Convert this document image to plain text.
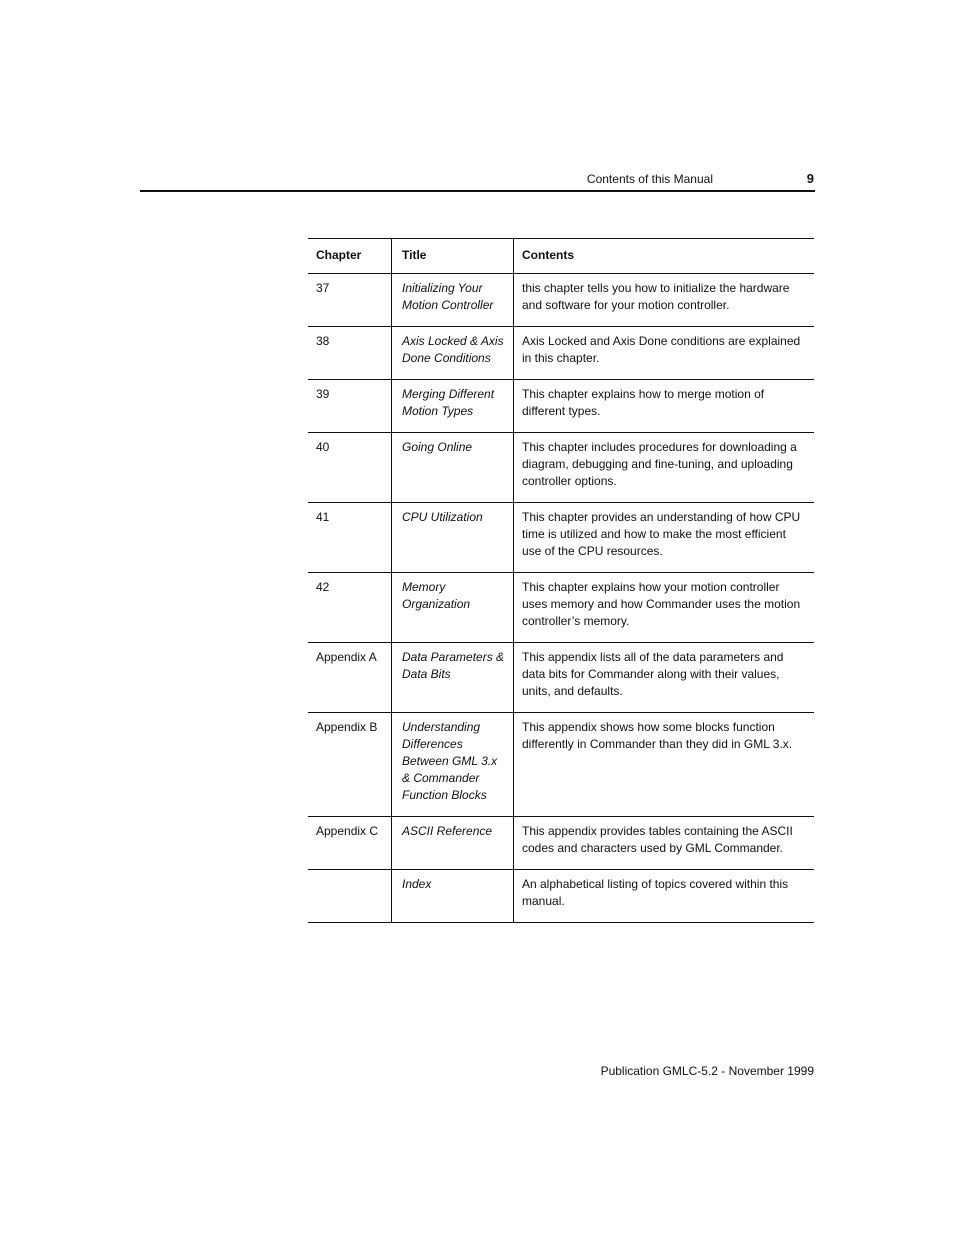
Contents of this Manual	9
Chapter	Title	Contents
37	Initializing Your Motion Controller	this chapter tells you how to initialize the hardware and software for your motion controller.
38	Axis Locked & Axis Done Conditions	Axis Locked and Axis Done conditions are explained in this chapter.
39	Merging Different Motion Types	This chapter explains how to merge motion of different types.
40	Going Online	This chapter includes procedures for downloading a diagram, debugging and fine-tuning, and uploading controller options.
41	CPU Utilization	This chapter provides an understanding of how CPU time is utilized and how to make the most efficient use of the CPU resources.
42	Memory Organization	This chapter explains how your motion controller uses memory and how Commander uses the motion controller’s memory.
Appendix A	Data Parameters & Data Bits	This appendix lists all of the data parameters and data bits for Commander along with their values, units, and defaults.
Appendix B	Understanding Differences Between GML 3.x & Commander Function Blocks	This appendix shows how some blocks function differently in Commander than they did in GML 3.x.
Appendix C	ASCII Reference	This appendix provides tables containing the ASCII codes and characters used by GML Commander.
	Index	An alphabetical listing of topics covered within this manual.
Publication GMLC-5.2 - November 1999
